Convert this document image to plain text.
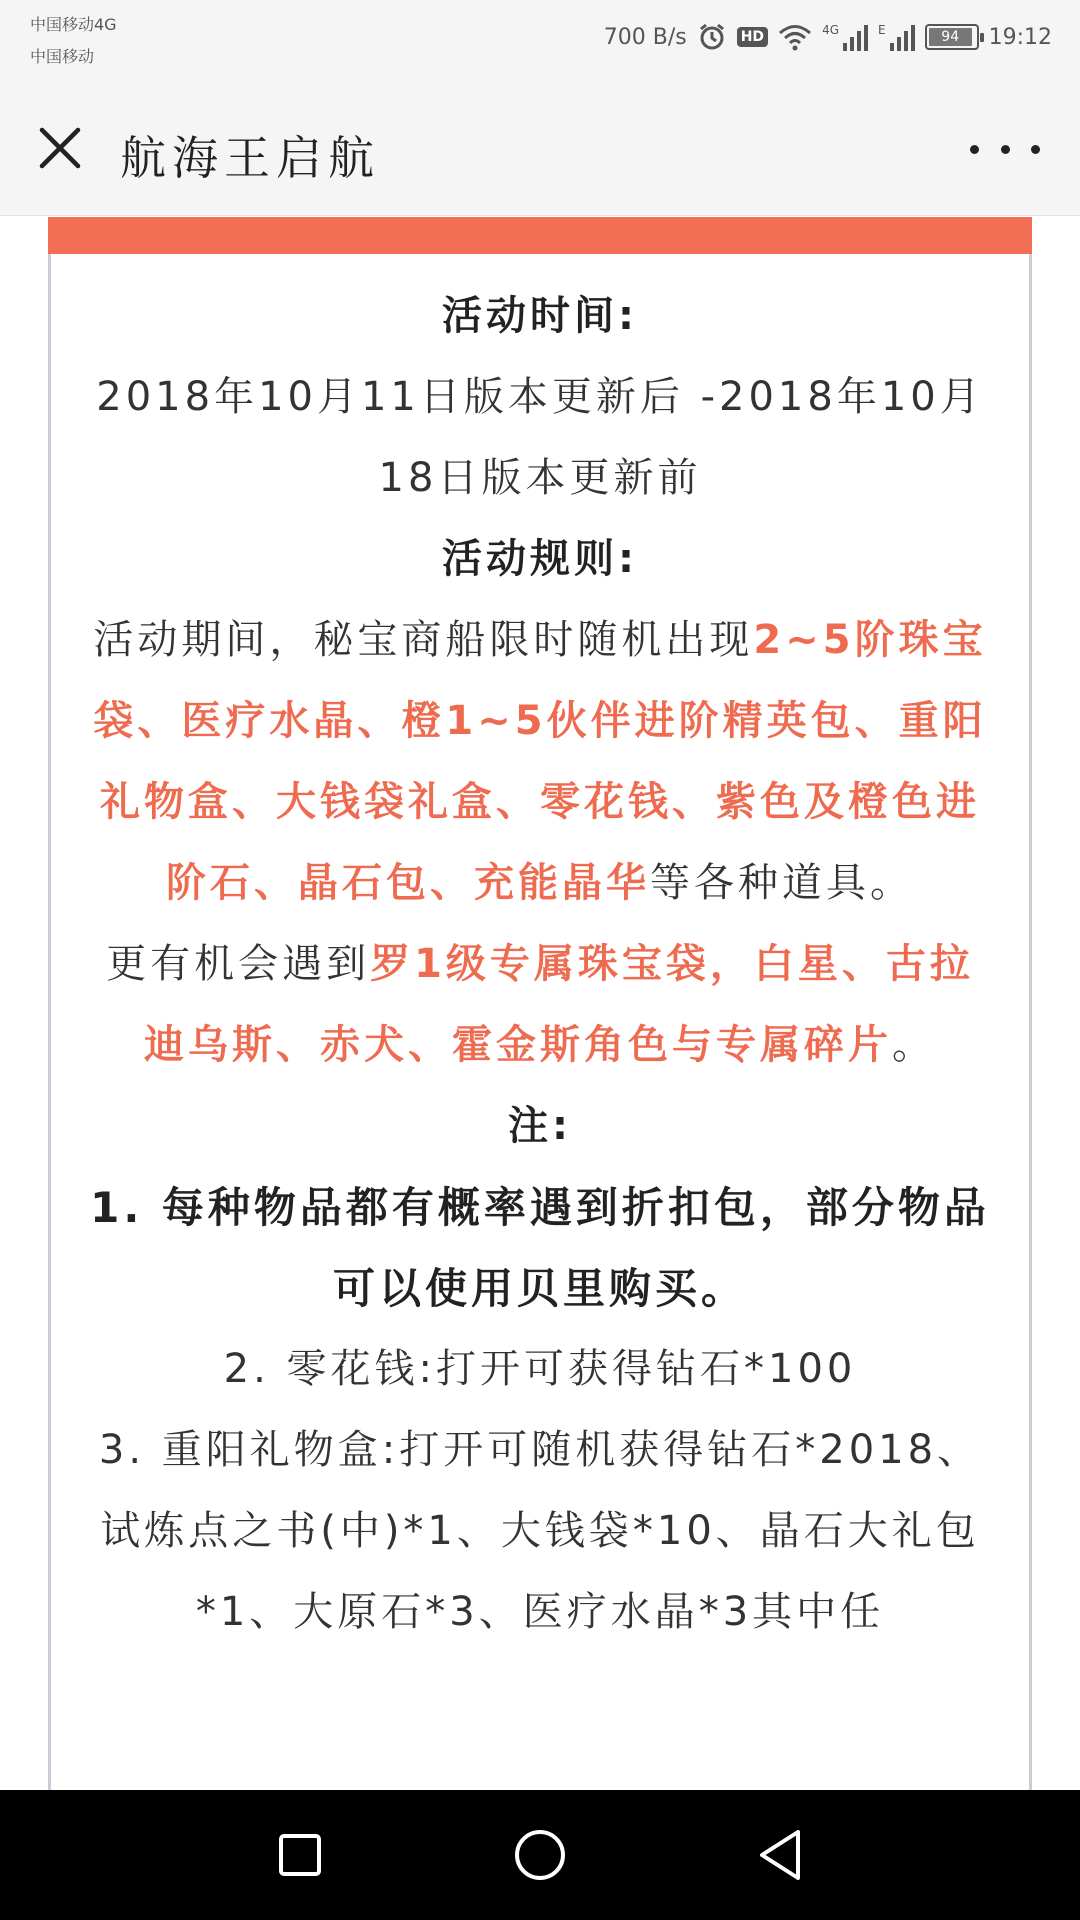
中国移动4G
中国移动
700 B/s	HD	4G	E	94	19:12
航海王启航

活动时间:

2018年10月11日版本更新后 -2018年10月18日版本更新前

活动规则:

活动期间，秘宝商船限时随机出现2~5阶珠宝袋、医疗水晶、橙1~5伙伴进阶精英包、重阳礼物盒、大钱袋礼盒、零花钱、紫色及橙色进阶石、晶石包、充能晶华等各种道具。

更有机会遇到罗1级专属珠宝袋，白星、古拉迪乌斯、赤犬、霍金斯角色与专属碎片。

注:

1. 每种物品都有概率遇到折扣包，部分物品可以使用贝里购买。

2. 零花钱:打开可获得钻石*100

3. 重阳礼物盒:打开可随机获得钻石*2018、试炼点之书(中)*1、大钱袋*10、晶石大礼包*1、大原石*3、医疗水晶*3其中任
